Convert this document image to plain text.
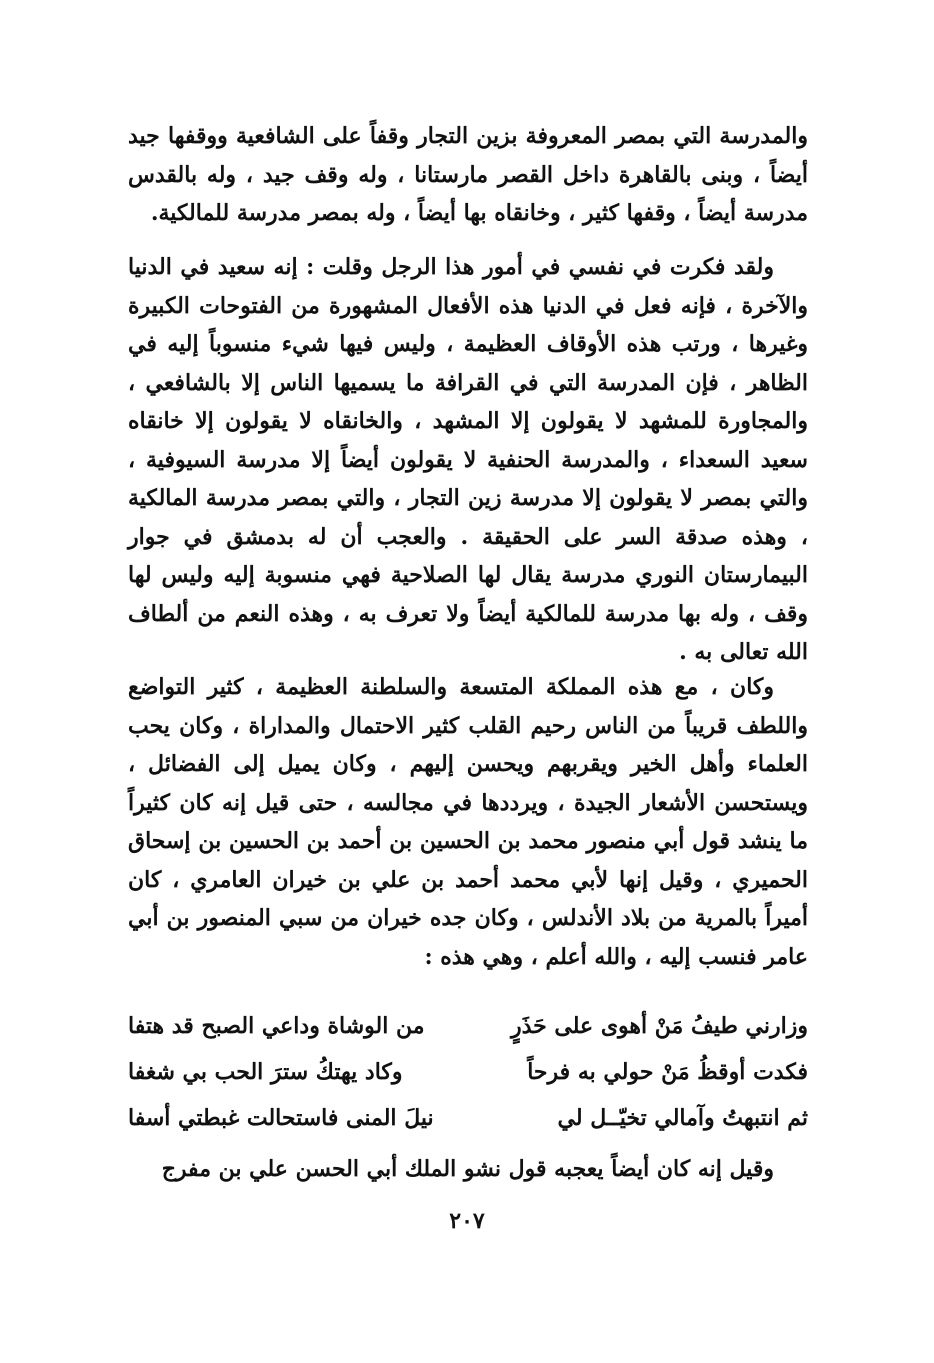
والمدرسة التي بمصر المعروفة بزين التجار وقفاً على الشافعية ووقفها جيد أيضاً ، وبنى بالقاهرة داخل القصر مارستانا ، وله وقف جيد ، وله بالقدس مدرسة أيضاً ، وقفها كثير ، وخانقاه بها أيضاً ، وله بمصر مدرسة للمالكية.
ولقد فكرت في نفسي في أمور هذا الرجل وقلت : إنه سعيد في الدنيا والآخرة ، فإنه فعل في الدنيا هذه الأفعال المشهورة من الفتوحات الكبيرة وغيرها ، ورتب هذه الأوقاف العظيمة ، وليس فيها شيء منسوباً إليه في الظاهر ، فإن المدرسة التي في القرافة ما يسميها الناس إلا بالشافعي ، والمجاورة للمشهد لا يقولون إلا المشهد ، والخانقاه لا يقولون إلا خانقاه سعيد السعداء ، والمدرسة الحنفية لا يقولون أيضاً إلا مدرسة السيوفية ، والتي بمصر لا يقولون إلا مدرسة زين التجار ، والتي بمصر مدرسة المالكية ، وهذه صدقة السر على الحقيقة . والعجب أن له بدمشق في جوار البيمارستان النوري مدرسة يقال لها الصلاحية فهي منسوبة إليه وليس لها وقف ، وله بها مدرسة للمالكية أيضاً ولا تعرف به ، وهذه النعم من ألطاف الله تعالى به .
وكان ، مع هذه المملكة المتسعة والسلطنة العظيمة ، كثير التواضع واللطف قريباً من الناس رحيم القلب كثير الاحتمال والمداراة ، وكان يحب العلماء وأهل الخير ويقربهم ويحسن إليهم ، وكان يميل إلى الفضائل ، ويستحسن الأشعار الجيدة ، ويرددها في مجالسه ، حتى قيل إنه كان كثيراً ما ينشد قول أبي منصور محمد بن الحسين بن أحمد بن الحسين بن إسحاق الحميري ، وقيل إنها لأبي محمد أحمد بن علي بن خيران العامري ، كان أميراً بالمرية من بلاد الأندلس ، وكان جده خيران من سبي المنصور بن أبي عامر فنسب إليه ، والله أعلم ، وهي هذه :
وزارني طيفُ مَنْ أهوى على حَذَرٍ
من الوشاة وداعي الصبح قد هتفا
فكدت أوقظُ مَنْ حولي به فرحاً
وكاد يهتكُ سترَ الحب بي شغفا
ثم انتبهتُ وآمالي تخيّــل لي
نيلَ المنى فاستحالت غبطتي أسفا
وقيل إنه كان أيضاً يعجبه قول نشو الملك أبي الحسن علي بن مفرج
٢٠٧
